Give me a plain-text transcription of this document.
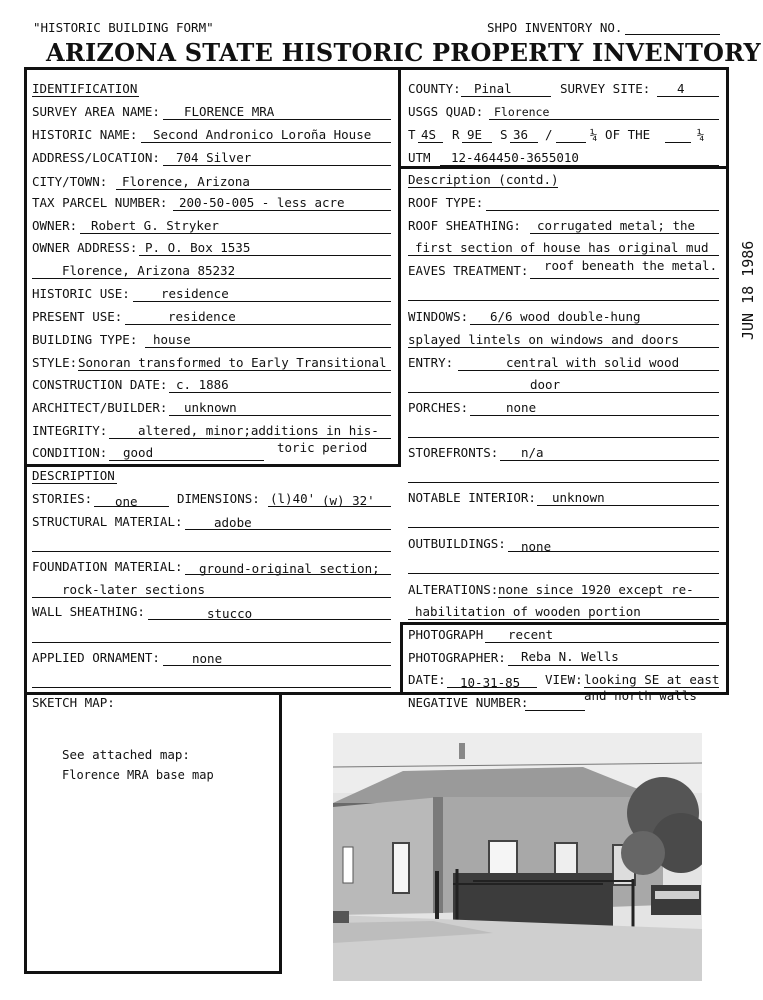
"HISTORIC BUILDING FORM"	SHPO INVENTORY NO.
ARIZONA STATE HISTORIC PROPERTY INVENTORY
IDENTIFICATION
SURVEY AREA NAME: FLORENCE MRA
HISTORIC NAME: Second Andronico Loroña House
ADDRESS/LOCATION: 704 Silver
CITY/TOWN: Florence, Arizona
TAX PARCEL NUMBER: 200-50-005 - less acre
OWNER: Robert G. Stryker
OWNER ADDRESS: P. O. Box 1535
Florence, Arizona 85232
HISTORIC USE: residence
PRESENT USE:	residence
BUILDING TYPE: house
STYLE: Sonoran transformed to Early Transitional
CONSTRUCTION DATE: c. 1886
ARCHITECT/BUILDER: unknown
INTEGRITY: altered, minor;additions in his-
CONDITION: good	toric period
COUNTY: Pinal	SURVEY SITE: 4
USGS QUAD: Florence
T 4S R 9E S 36 /	¼ OF THE	¼
UTM 12-464450-3655010
Description (contd.)
ROOF TYPE:
ROOF SHEATHING: corrugated metal; the
first section of house has original mud
EAVES TREATMENT: roof beneath the metal.
WINDOWS: 6/6 wood double-hung
splayed lintels on windows and doors
ENTRY:	central with solid wood
door
PORCHES:	none
STOREFRONTS: n/a
NOTABLE INTERIOR: unknown
OUTBUILDINGS: none
ALTERATIONS: none since 1920 except re-
habilitation of wooden portion
DESCRIPTION
STORIES: one	DIMENSIONS: (l)40' (w) 32'
STRUCTURAL MATERIAL:	adobe
FOUNDATION MATERIAL: ground-original section;
rock-later sections
WALL SHEATHING:	stucco
APPLIED ORNAMENT:	none
PHOTOGRAPH recent
PHOTOGRAPHER: Reba N. Wells
DATE: 10-31-85 VIEW: looking SE at east
and north walls
NEGATIVE NUMBER:
SKETCH MAP:
See attached map:
Florence MRA base map
JUN 18 1986
